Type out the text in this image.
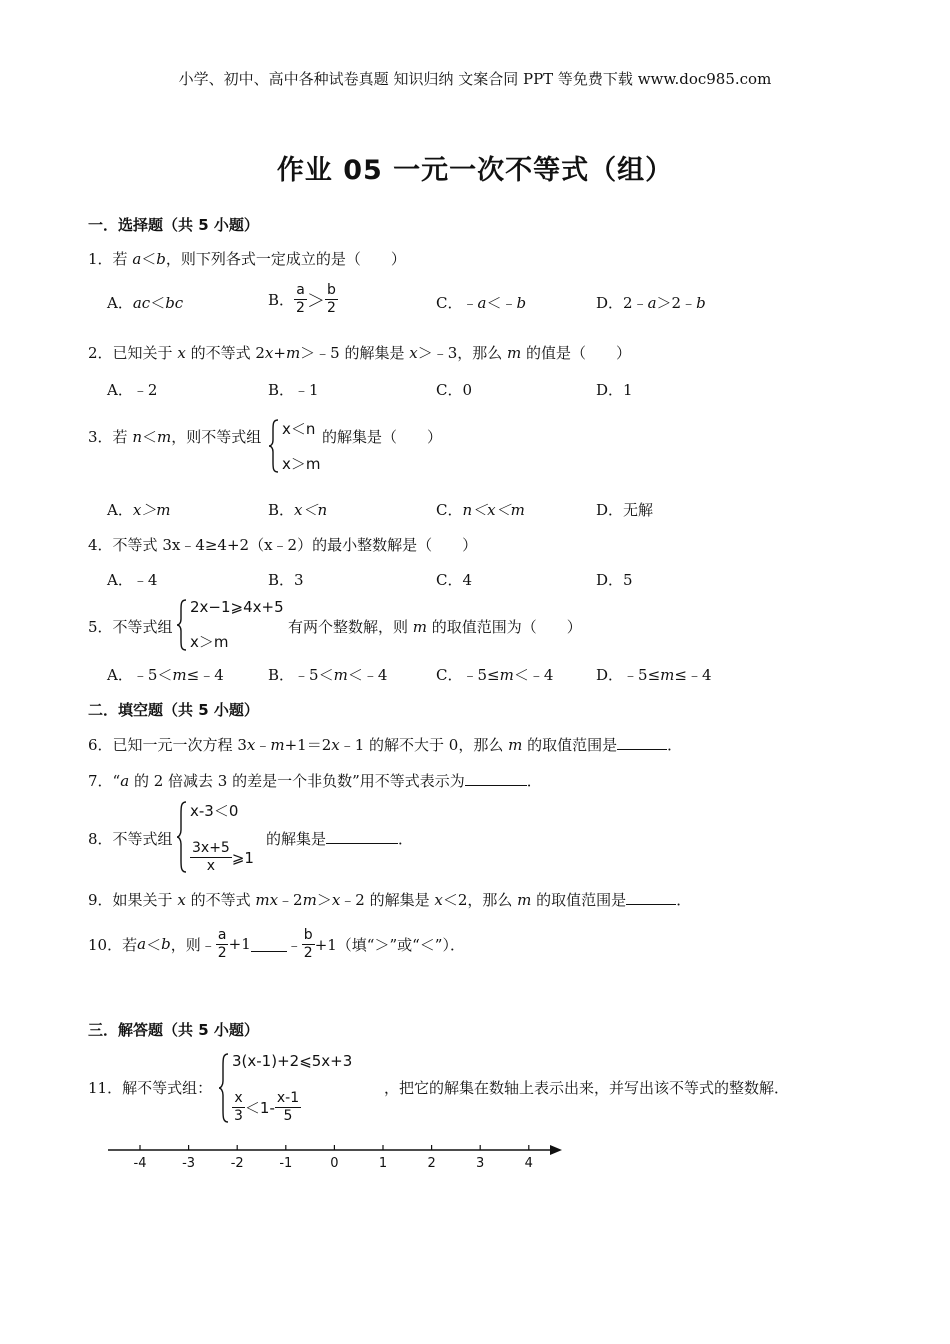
小学、初中、高中各种试卷真题 知识归纳 文案合同 PPT 等免费下载 www.doc985.com
作业 05 一元一次不等式（组）
一．选择题（共 5 小题）
1．若 a＜b，则下列各式一定成立的是（　　）
A．ac＜bc	B． $\frac{a}{2} > \frac{b}{2}$	C．﹣a＜﹣b	D．2﹣a＞2﹣b
2．已知关于 x 的不等式 2x+m＞﹣5 的解集是 x＞﹣3，那么 m 的值是（　　）
A．﹣2	B．﹣1	C．0	D．1
3．若 n＜m，则不等式组 x＜n
x＞m
的解集是（　　）
A．x＞m	B．x＜n	C．n＜x＜m	D．无解
4．不等式 3x﹣4≥4+2（x﹣2）的最小整数解是（　　）
A．﹣4	B．3	C．4	D．5
5．不等式组
2x−1⩾4x+5
x＞m
有两个整数解，则 m 的取值范围为（　　）
A．﹣5＜m≤﹣4	B．﹣5＜m＜﹣4	C．﹣5≤m＜﹣4	D．﹣5≤m≤﹣4
二．填空题（共 5 小题）
6．已知一元一次方程 3x﹣m+1＝2x﹣1 的解不大于 0，那么 m 的取值范围是	．
7．“a 的 2 倍减去 3 的差是一个非负数”用不等式表示为	．
8．不等式组
x-3＜0
$\frac{3x+5}{x}$ ⩾1
的解集是	．
9．如果关于 x 的不等式 mx﹣2m＞x﹣2 的解集是 x＜2，那么 m 的取值范围是	．
10． 若 a ＜ b ，则﹣ $\frac{a}{2} +1$ ﹣ $\frac{b}{2} +1$（填“＞”或“＜”）．
三．解答题（共 5 小题）
11．解不等式组：
3(x-1)+2⩽5x+3
$\frac{x}{3} <1- \frac{x-1}{5}$
，把它的解集在数轴上表示出来，并写出该不等式的整数解．
-4	-3	-2	-1	0	1	2	3	4
